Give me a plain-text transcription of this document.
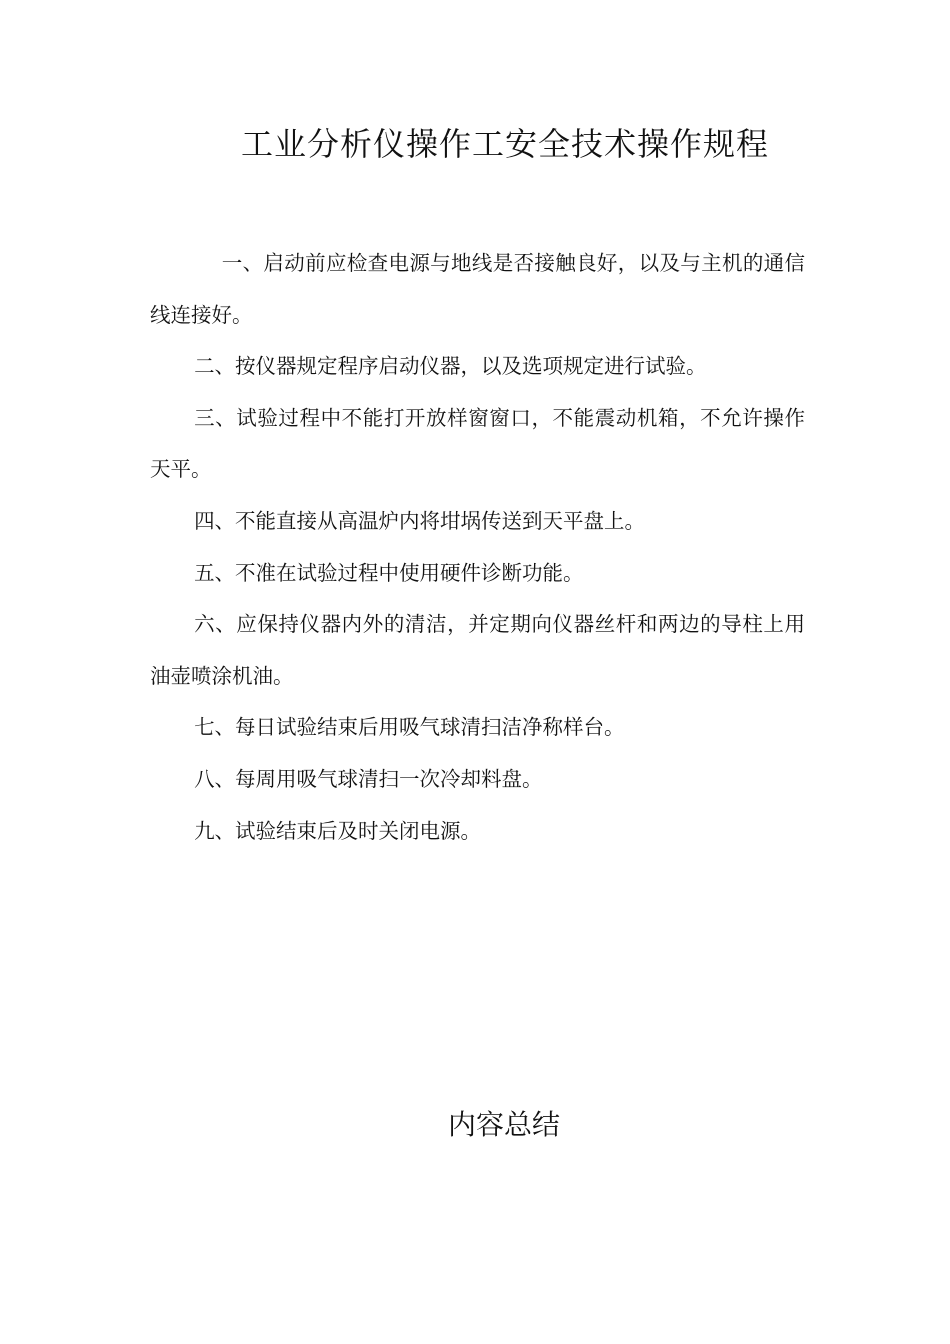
工业分析仪操作工安全技术操作规程

一、启动前应检查电源与地线是否接触良好，以及与主机的通信线连接好。

二、按仪器规定程序启动仪器，以及选项规定进行试验。

三、试验过程中不能打开放样窗窗口，不能震动机箱，不允许操作天平。

四、不能直接从高温炉内将坩埚传送到天平盘上。

五、不准在试验过程中使用硬件诊断功能。

六、应保持仪器内外的清洁，并定期向仪器丝杆和两边的导柱上用油壶喷涂机油。

七、每日试验结束后用吸气球清扫洁净称样台。

八、每周用吸气球清扫一次冷却料盘。

九、试验结束后及时关闭电源。

内容总结
